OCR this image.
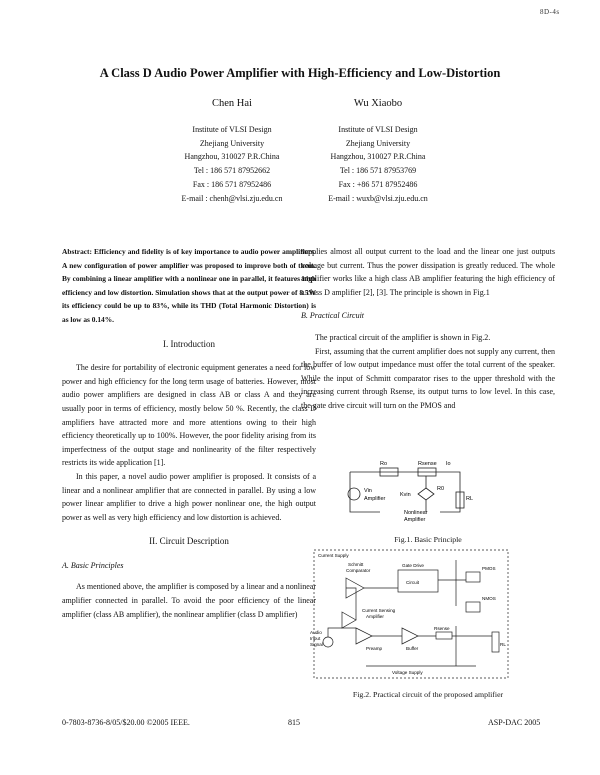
8D-4s
A Class D Audio Power Amplifier with High-Efficiency and Low-Distortion
Chen Hai
Institute of VLSI Design
Zhejiang University
Hangzhou, 310027 P.R.China
Tel : 186 571 87952662
Fax : 186 571 87952486
E-mail : chenh@vlsi.zju.edu.cn
Wu Xiaobo
Institute of VLSI Design
Zhejiang University
Hangzhou, 310027 P.R.China
Tel : 186 571 87953769
Fax : +86 571 87952486
E-mail : wuxb@vlsi.zju.edu.cn

Abstract: Efficiency and fidelity is of key importance to audio power amplifiers. A new configuration of power amplifier was proposed to improve both of them. By combining a linear amplifier with a nonlinear one in parallel, it features high efficiency and low distortion. Simulation shows that at the output power of 8.5W its efficiency could be up to 83%, while its THD (Total Harmonic Distortion) is as low as 0.14%.

I. Introduction

The desire for portability of electronic equipment generates a need for low power and high efficiency for the long term usage of batteries. However, most audio power amplifiers are designed in class AB or class A and they are usually poor in terms of efficiency, mostly below 50 %. Recently, the class D amplifiers have attracted more and more attentions owing to their high efficiency theoretically up to 100%. However, the poor fidelity arising from its imperfectness of the output stage and nonlinearity of the filter respectively restricts its wide application [1].

In this paper, a novel audio power amplifier is proposed. It consists of a linear and a nonlinear amplifier that are connected in parallel. By using a low power linear amplifier to drive a high power nonlinear one, the high output power as well as very high efficiency and low distortion is achieved.

II. Circuit Description
A. Basic Principles

As mentioned above, the amplifier is composed by a linear and a nonlinear amplifier connected in parallel. To avoid the poor efficiency of the linear amplifier (class AB amplifier), the nonlinear amplifier (class D amplifier)

supplies almost all output current to the load and the linear one just outputs voltage but current. Thus the power dissipation is greatly reduced. The whole amplifier works like a high class AB amplifier featuring the high efficiency of a class D amplifier [2], [3]. The principle is shown in Fig.1

B. Practical Circuit

The practical circuit of the amplifier is shown in Fig.2.

First, assuming that the current amplifier does not supply any current, then the buffer of low output impedance must offer the total current of the speaker. While the input of Schmitt comparator rises to the upper threshold with the increasing current through Rsense, its output turns to low level. In this case, the gate drive circuit will turn on the PMOS and

Ro	Rsense Io
Vin
Amplifier
Kvin
R0
Nonlinear
Amplifier
RL
Fig.1. Basic Principle
Current Supply
Schmitt
Comparator
Gate Drive
Circuit
PMOS
NMOS
Current Sensing
Amplifier
Preamp	Buffer
Rsense
Audio
Input
Signal	RL
Voltage Supply
Fig.2. Practical circuit of the proposed amplifier
0-7803-8736-8/05/$20.00 ©2005 IEEE.	815	ASP-DAC 2005
